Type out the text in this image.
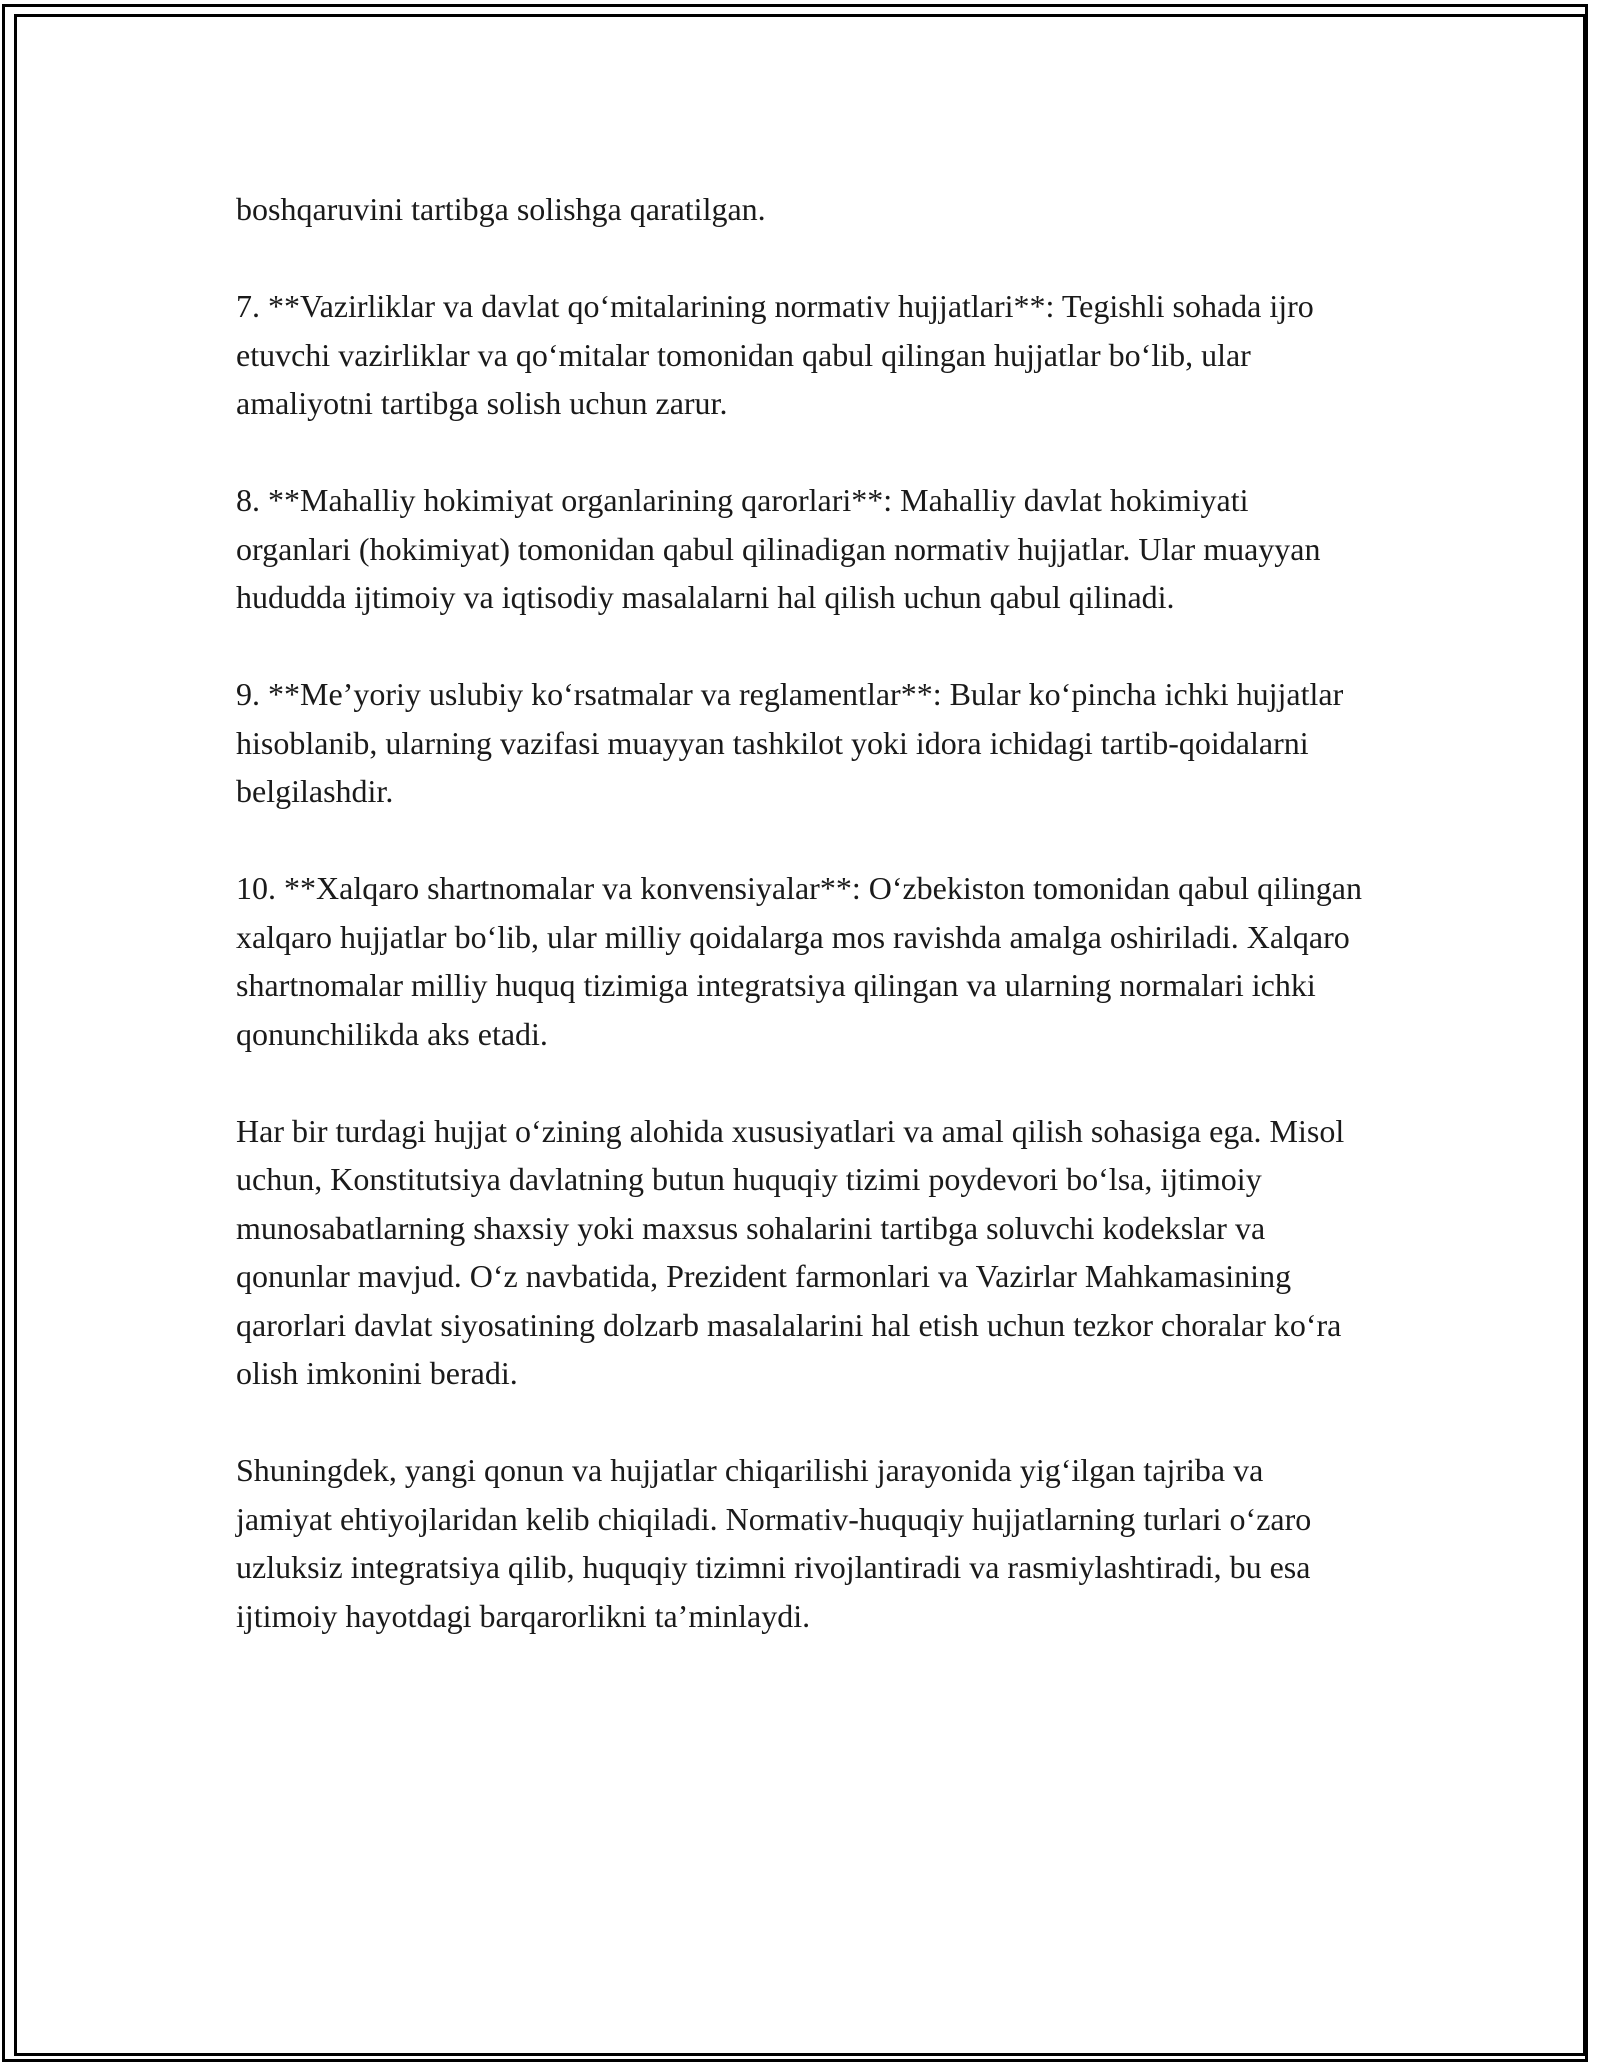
boshqaruvini tartibga solishga qaratilgan.

7. **Vazirliklar va davlat qo‘mitalarining normativ hujjatlari**: Tegishli sohada ijro etuvchi vazirliklar va qo‘mitalar tomonidan qabul qilingan hujjatlar bo‘lib, ular amaliyotni tartibga solish uchun zarur.

8. **Mahalliy hokimiyat organlarining qarorlari**: Mahalliy davlat hokimiyati organlari (hokimiyat) tomonidan qabul qilinadigan normativ hujjatlar. Ular muayyan hududda ijtimoiy va iqtisodiy masalalarni hal qilish uchun qabul qilinadi.

9. **Me’yoriy uslubiy ko‘rsatmalar va reglamentlar**: Bular ko‘pincha ichki hujjatlar hisoblanib, ularning vazifasi muayyan tashkilot yoki idora ichidagi tartib-qoidalarni belgilashdir.

10. **Xalqaro shartnomalar va konvensiyalar**: O‘zbekiston tomonidan qabul qilingan xalqaro hujjatlar bo‘lib, ular milliy qoidalarga mos ravishda amalga oshiriladi. Xalqaro shartnomalar milliy huquq tizimiga integratsiya qilingan va ularning normalari ichki qonunchilikda aks etadi.

Har bir turdagi hujjat o‘zining alohida xususiyatlari va amal qilish sohasiga ega. Misol uchun, Konstitutsiya davlatning butun huquqiy tizimi poydevori bo‘lsa, ijtimoiy munosabatlarning shaxsiy yoki maxsus sohalarini tartibga soluvchi kodekslar va qonunlar mavjud. O‘z navbatida, Prezident farmonlari va Vazirlar Mahkamasining qarorlari davlat siyosatining dolzarb masalalarini hal etish uchun tezkor choralar ko‘ra olish imkonini beradi.

Shuningdek, yangi qonun va hujjatlar chiqarilishi jarayonida yig‘ilgan tajriba va jamiyat ehtiyojlaridan kelib chiqiladi. Normativ-huquqiy hujjatlarning turlari o‘zaro uzluksiz integratsiya qilib, huquqiy tizimni rivojlantiradi va rasmiylashtiradi, bu esa ijtimoiy hayotdagi barqarorlikni ta’minlaydi.
